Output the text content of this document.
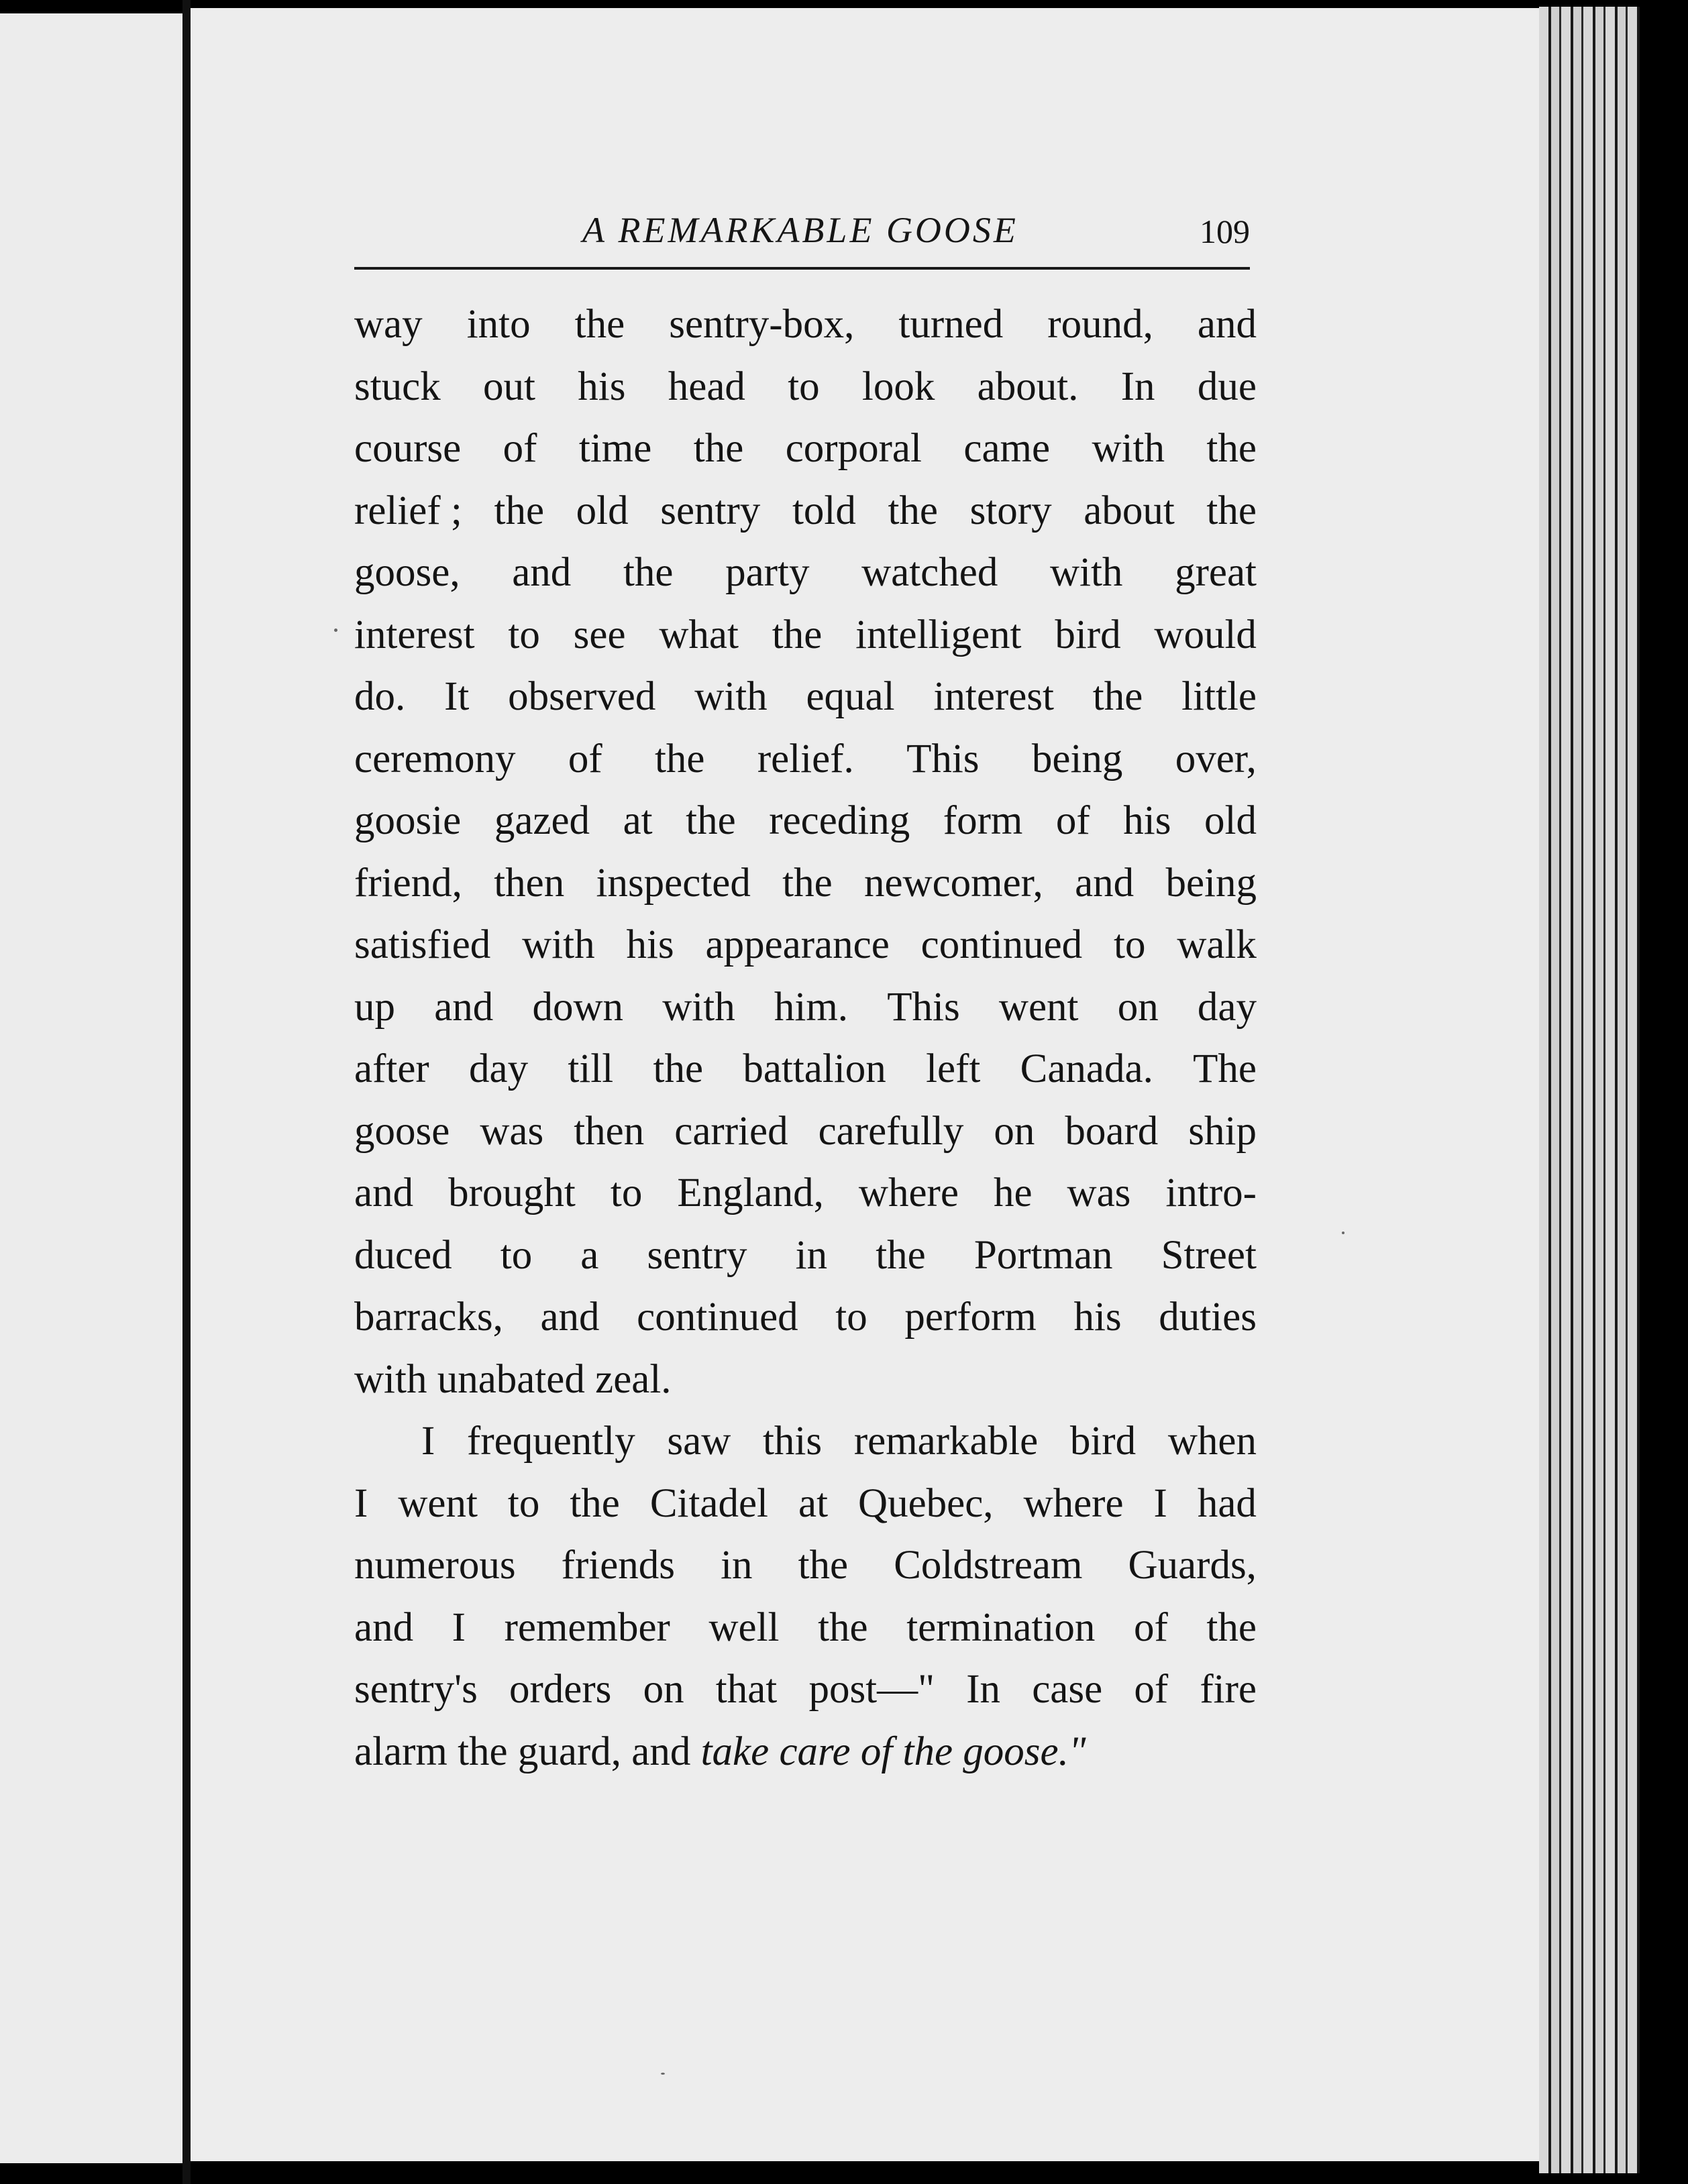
A REMARKABLE GOOSE	109
way into the sentry-box, turned round, and
stuck out his head to look about. In due
course of time the corporal came with the
relief ; the old sentry told the story about the
goose, and the party watched with great
interest to see what the intelligent bird would
do. It observed with equal interest the little
ceremony of the relief. This being over,
goosie gazed at the receding form of his old
friend, then inspected the newcomer, and being
satisfied with his appearance continued to walk
up and down with him. This went on day
after day till the battalion left Canada. The
goose was then carried carefully on board ship
and brought to England, where he was intro-
duced to a sentry in the Portman Street
barracks, and continued to perform his duties
with unabated zeal.
I frequently saw this remarkable bird when
I went to the Citadel at Quebec, where I had
numerous friends in the Coldstream Guards,
and I remember well the termination of the
sentry's orders on that post—" In case of fire
alarm the guard, and
take care of the goose."
